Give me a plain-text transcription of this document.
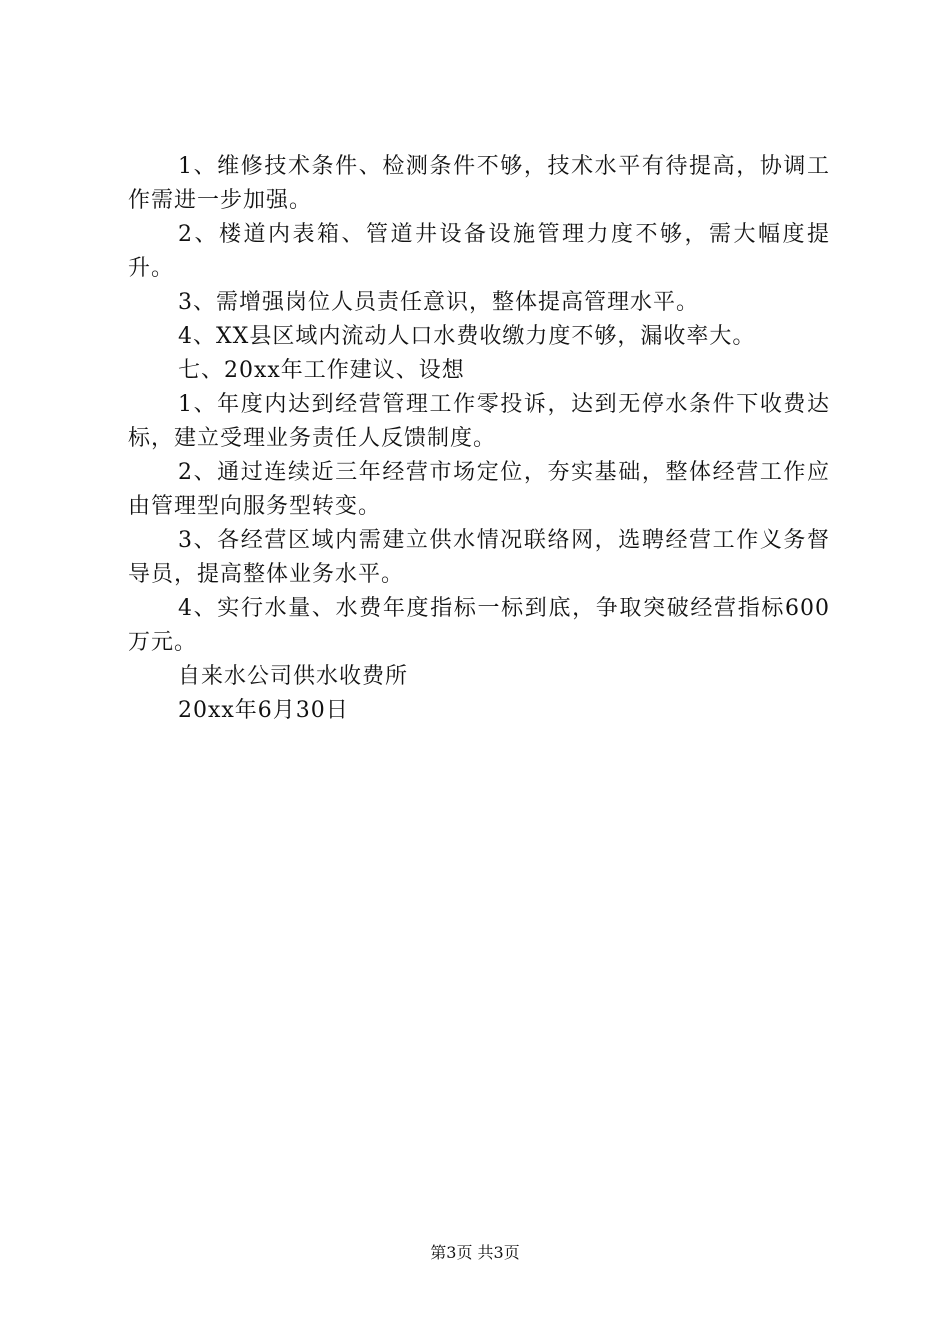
1、维修技术条件、检测条件不够，技术水平有待提高，协调工作需进一步加强。

2、楼道内表箱、管道井设备设施管理力度不够，需大幅度提升。

3、需增强岗位人员责任意识，整体提高管理水平。

4、XX县区域内流动人口水费收缴力度不够，漏收率大。

七、20xx年工作建议、设想

1、年度内达到经营管理工作零投诉，达到无停水条件下收费达标，建立受理业务责任人反馈制度。

2、通过连续近三年经营市场定位，夯实基础，整体经营工作应由管理型向服务型转变。

3、各经营区域内需建立供水情况联络网，选聘经营工作义务督导员，提高整体业务水平。

4、实行水量、水费年度指标一标到底，争取突破经营指标600万元。

自来水公司供水收费所

20xx年6月30日

第3页 共3页
